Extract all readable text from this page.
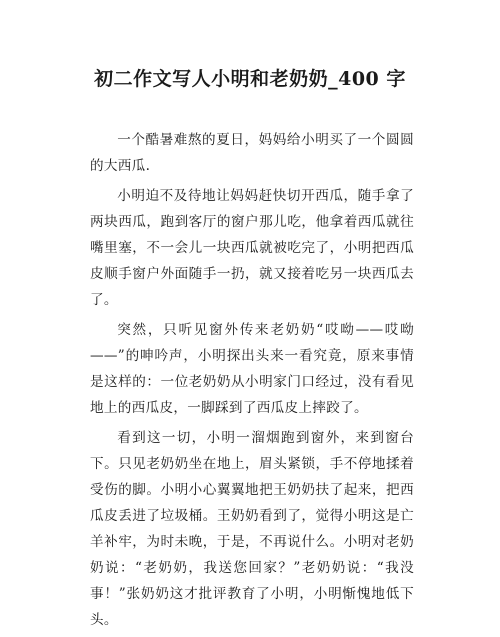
初二作文写人小明和老奶奶_400 字

一个酷暑难熬的夏日，妈妈给小明买了一个圆圆的大西瓜.

小明迫不及待地让妈妈赶快切开西瓜，随手拿了两块西瓜，跑到客厅的窗户那儿吃，他拿着西瓜就往嘴里塞，不一会儿一块西瓜就被吃完了，小明把西瓜皮顺手窗户外面随手一扔，就又接着吃另一块西瓜去了。

突然，只听见窗外传来老奶奶“哎呦——哎呦——”的呻吟声，小明探出头来一看究竟，原来事情是这样的：一位老奶奶从小明家门口经过，没有看见地上的西瓜皮，一脚踩到了西瓜皮上摔跤了。

看到这一切，小明一溜烟跑到窗外，来到窗台下。只见老奶奶坐在地上，眉头紧锁，手不停地揉着受伤的脚。小明小心翼翼地把王奶奶扶了起来，把西瓜皮丢进了垃圾桶。王奶奶看到了，觉得小明这是亡羊补牢，为时未晚，于是，不再说什么。小明对老奶奶说：“老奶奶，我送您回家？”老奶奶说：“我没事！”张奶奶这才批评教育了小明，小明惭愧地低下头。
